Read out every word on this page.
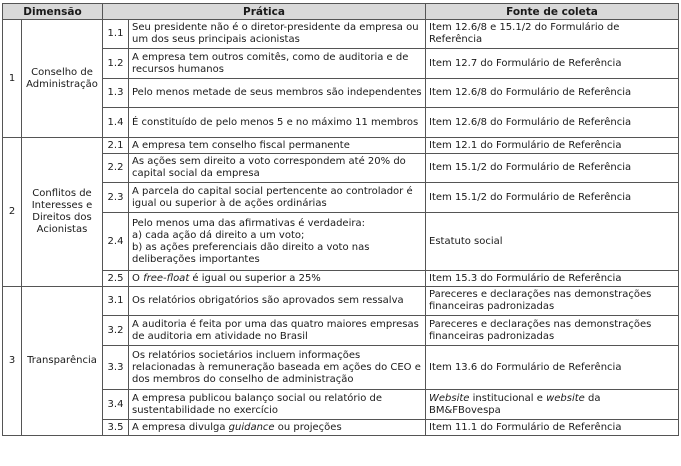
Dimensão		Prática		Fonte de coleta
1	Conselho de Administração	1.1	Seu presidente não é o diretor-presidente da empresa ou um dos seus principais acionistas	Item 12.6/8 e 15.1/2 do Formulário de Referência
		1.2	A empresa tem outros comitês, como de auditoria e de recursos humanos	Item 12.7 do Formulário de Referência
		1.3	Pelo menos metade de seus membros são independentes	Item 12.6/8 do Formulário de Referência
		1.4	É constituído de pelo menos 5 e no máximo 11 membros	Item 12.6/8 do Formulário de Referência
2	Conflitos de Interesses e Direitos dos Acionistas	2.1	A empresa tem conselho fiscal permanente	Item 12.1 do Formulário de Referência
		2.2	As ações sem direito a voto correspondem até 20% do capital social da empresa	Item 15.1/2 do Formulário de Referência
		2.3	A parcela do capital social pertencente ao controlador é igual ou superior à de ações ordinárias	Item 15.1/2 do Formulário de Referência
		2.4	Pelo menos uma das afirmativas é verdadeira:
a) cada ação dá direito a um voto;
b) as ações preferenciais dão direito a voto nas deliberações importantes	Estatuto social
		2.5	O free-float é igual ou superior a 25%	Item 15.3 do Formulário de Referência
3	Transparência	3.1	Os relatórios obrigatórios são aprovados sem ressalva	Pareceres e declarações nas demonstrações financeiras padronizadas
		3.2	A auditoria é feita por uma das quatro maiores empresas de auditoria em atividade no Brasil	Pareceres e declarações nas demonstrações financeiras padronizadas
		3.3	Os relatórios societários incluem informações relacionadas à remuneração baseada em ações do CEO e dos membros do conselho de administração	Item 13.6 do Formulário de Referência
		3.4	A empresa publicou balanço social ou relatório de sustentabilidade no exercício	Website institucional e website da BM&FBovespa
		3.5	A empresa divulga guidance ou projeções	Item 11.1 do Formulário de Referência
